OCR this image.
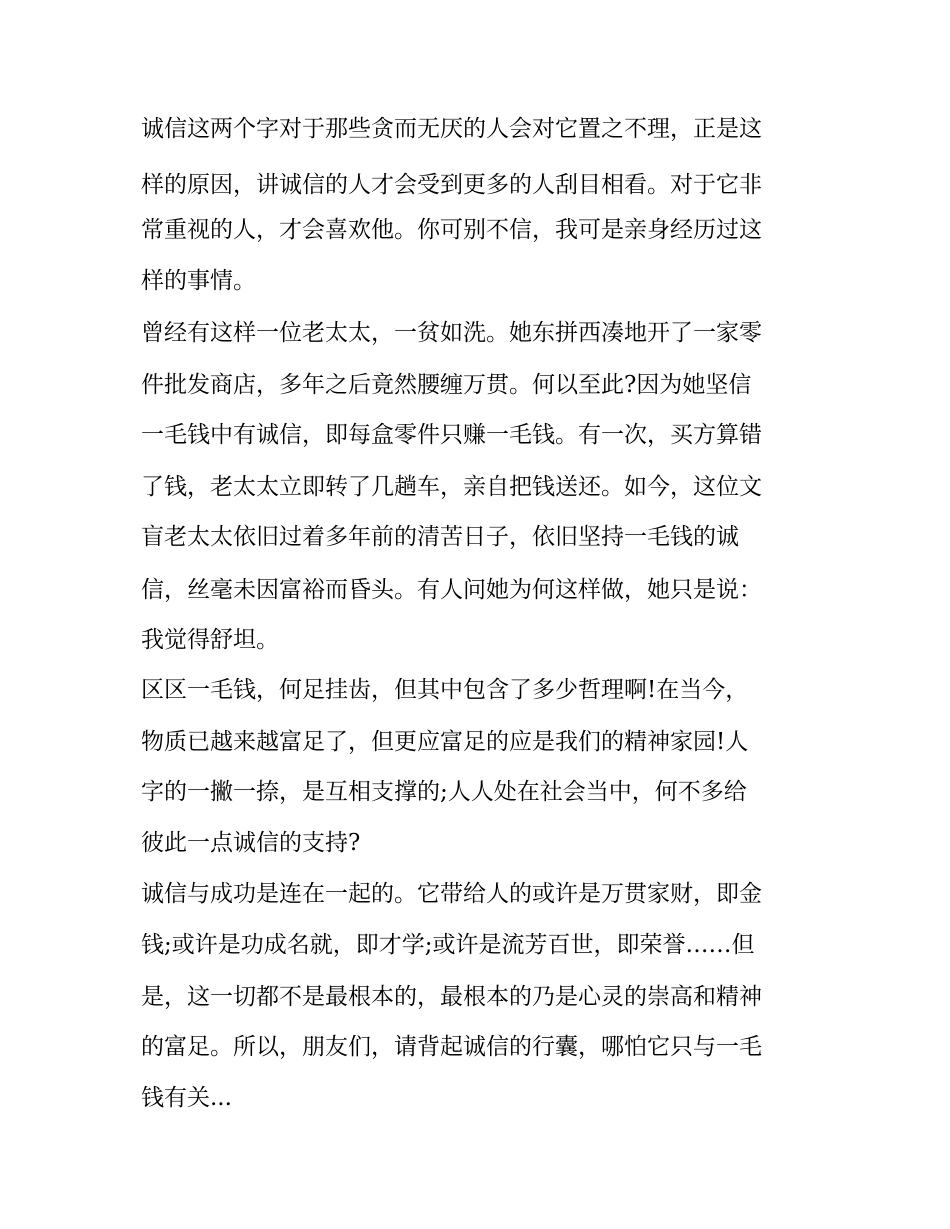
诚信这两个字对于那些贪而无厌的人会对它置之不理，正是这

样的原因，讲诚信的人才会受到更多的人刮目相看。对于它非

常重视的人，才会喜欢他。你可别不信，我可是亲身经历过这

样的事情。

曾经有这样一位老太太，一贫如洗。她东拼西凑地开了一家零

件批发商店，多年之后竟然腰缠万贯。何以至此?因为她坚信

一毛钱中有诚信，即每盒零件只赚一毛钱。有一次，买方算错

了钱，老太太立即转了几趟车，亲自把钱送还。如今，这位文

盲老太太依旧过着多年前的清苦日子，依旧坚持一毛钱的诚

信，丝毫未因富裕而昏头。有人问她为何这样做，她只是说：

我觉得舒坦。

区区一毛钱，何足挂齿，但其中包含了多少哲理啊!在当今，

物质已越来越富足了，但更应富足的应是我们的精神家园!人

字的一撇一捺，是互相支撑的;人人处在社会当中，何不多给

彼此一点诚信的支持?

诚信与成功是连在一起的。它带给人的或许是万贯家财，即金

钱;或许是功成名就，即才学;或许是流芳百世，即荣誉……但

是，这一切都不是最根本的，最根本的乃是心灵的崇高和精神

的富足。所以，朋友们，请背起诚信的行囊，哪怕它只与一毛

钱有关...
